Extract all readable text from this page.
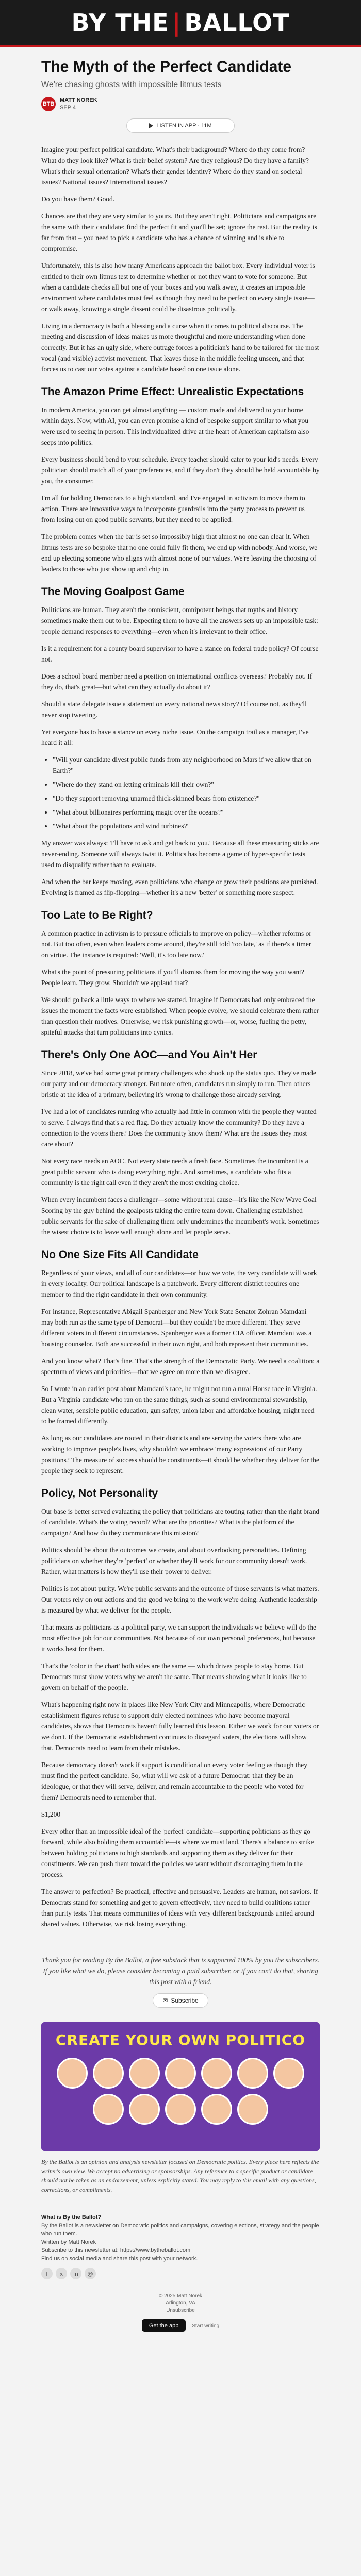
BY THE | BALLOT
The Myth of the Perfect Candidate
We're chasing ghosts with impossible litmus tests
BTB
MATT NOREK
SEP 4
LISTEN IN APP · 11M

Imagine your perfect political candidate. What's their background? Where do they come from? What do they look like? What is their belief system? Are they religious? Do they have a family? What's their sexual orientation? What's their gender identity? Where do they stand on societal issues? National issues? International issues?

Do you have them? Good.

Chances are that they are very similar to yours. But they aren't right. Politicians and campaigns are the same with their candidate: find the perfect fit and you'll be set; ignore the rest. But the reality is far from that – you need to pick a candidate who has a chance of winning and is able to compromise.

Unfortunately, this is also how many Americans approach the ballot box. Every individual voter is entitled to their own litmus test to determine whether or not they want to vote for someone. But when a candidate checks all but one of your boxes and you walk away, it creates an impossible environment where candidates must feel as though they need to be perfect on every single issue—or walk away, knowing a single dissent could be disastrous politically.

Living in a democracy is both a blessing and a curse when it comes to political discourse. The meeting and discussion of ideas makes us more thoughtful and more understanding when done correctly. But it has an ugly side, where outrage forces a politician's hand to be tailored for the most vocal (and visible) activist movement. That leaves those in the middle feeling unseen, and that forces us to cast our votes against a candidate based on one issue alone.

The Amazon Prime Effect: Unrealistic Expectations

In modern America, you can get almost anything — custom made and delivered to your home within days. Now, with AI, you can even promise a kind of bespoke support similar to what you were used to seeing in person. This individualized drive at the heart of American capitalism also seeps into politics.

Every business should bend to your schedule. Every teacher should cater to your kid's needs. Every politician should match all of your preferences, and if they don't they should be held accountable by you, the consumer.

I'm all for holding Democrats to a high standard, and I've engaged in activism to move them to action. There are innovative ways to incorporate guardrails into the party process to prevent us from losing out on good public servants, but they need to be applied.

The problem comes when the bar is set so impossibly high that almost no one can clear it. When litmus tests are so bespoke that no one could fully fit them, we end up with nobody. And worse, we end up electing someone who aligns with almost none of our values. We're leaving the choosing of leaders to those who just show up and chip in.

The Moving Goalpost Game

Politicians are human. They aren't the omniscient, omnipotent beings that myths and history sometimes make them out to be. Expecting them to have all the answers sets up an impossible task: people demand responses to everything—even when it's irrelevant to their office.

Is it a requirement for a county board supervisor to have a stance on federal trade policy? Of course not.

Does a school board member need a position on international conflicts overseas? Probably not. If they do, that's great—but what can they actually do about it?

Should a state delegate issue a statement on every national news story? Of course not, as they'll never stop tweeting.

Yet everyone has to have a stance on every niche issue. On the campaign trail as a manager, I've heard it all:

• "Will your candidate divest public funds from any neighborhood on Mars if we allow that on Earth?"
• "Where do they stand on letting criminals kill their own?"
• "Do they support removing unarmed thick-skinned bears from existence?"
• "What about billionaires performing magic over the oceans?"
• "What about the populations and wind turbines?"

My answer was always: 'I'll have to ask and get back to you.' Because all these measuring sticks are never-ending. Someone will always twist it. Politics has become a game of hyper-specific tests used to disqualify rather than to evaluate.

And when the bar keeps moving, even politicians who change or grow their positions are punished. Evolving is framed as flip-flopping—whether it's a new 'better' or something more suspect.

Too Late to Be Right?

A common practice in activism is to pressure officials to improve on policy—whether reforms or not. But too often, even when leaders come around, they're still told 'too late,' as if there's a timer on virtue. The instance is required: 'Well, it's too late now.'

What's the point of pressuring politicians if you'll dismiss them for moving the way you want? People learn. They grow. Shouldn't we applaud that?

We should go back a little ways to where we started. Imagine if Democrats had only embraced the issues the moment the facts were established. When people evolve, we should celebrate them rather than question their motives. Otherwise, we risk punishing growth—or, worse, fueling the petty, spiteful attacks that turn politicians into cynics.

There's Only One AOC—and You Ain't Her

Since 2018, we've had some great primary challengers who shook up the status quo. They've made our party and our democracy stronger. But more often, candidates run simply to run. Then others bristle at the idea of a primary, believing it's wrong to challenge those already serving.

I've had a lot of candidates running who actually had little in common with the people they wanted to serve. I always find that's a red flag. Do they actually know the community? Do they have a connection to the voters there? Does the community know them? What are the issues they most care about?

Not every race needs an AOC. Not every state needs a fresh face. Sometimes the incumbent is a great public servant who is doing everything right. And sometimes, a candidate who fits a community is the right call even if they aren't the most exciting choice.

When every incumbent faces a challenger—some without real cause—it's like the New Wave Goal Scoring by the guy behind the goalposts taking the entire team down. Challenging established public servants for the sake of challenging them only undermines the incumbent's work. Sometimes the wisest choice is to leave well enough alone and let people serve.

No One Size Fits All Candidate

Regardless of your views, and all of our candidates—or how we vote, the very candidate will work in every locality. Our political landscape is a patchwork. Every different district requires one member to find the right candidate in their own community.

For instance, Representative Abigail Spanberger and New York State Senator Zohran Mamdani may both run as the same type of Democrat—but they couldn't be more different. They serve different voters in different circumstances. Spanberger was a former CIA officer. Mamdani was a housing counselor. Both are successful in their own right, and both represent their communities.

And you know what? That's fine. That's the strength of the Democratic Party. We need a coalition: a spectrum of views and priorities—that we agree on more than we disagree.

So I wrote in an earlier post about Mamdani's race, he might not run a rural House race in Virginia. But a Virginia candidate who ran on the same things, such as sound environmental stewardship, clean water, sensible public education, gun safety, union labor and affordable housing, might need to be framed differently.

As long as our candidates are rooted in their districts and are serving the voters there who are working to improve people's lives, why shouldn't we embrace 'many expressions' of our Party positions? The measure of success should be constituents—it should be whether they deliver for the people they seek to represent.

Policy, Not Personality

Our base is better served evaluating the policy that politicians are touting rather than the right brand of candidate. What's the voting record? What are the priorities? What is the platform of the campaign? And how do they communicate this mission?

Politics should be about the outcomes we create, and about overlooking personalities. Defining politicians on whether they're 'perfect' or whether they'll work for our community doesn't work. Rather, what matters is how they'll use their power to deliver.

Politics is not about purity. We're public servants and the outcome of those servants is what matters. Our voters rely on our actions and the good we bring to the work we're doing. Authentic leadership is measured by what we deliver for the people.

That means as politicians as a political party, we can support the individuals we believe will do the most effective job for our communities. Not because of our own personal preferences, but because it works best for them.

That's the 'color in the chart' both sides are the same — which drives people to stay home. But Democrats must show voters why we aren't the same. That means showing what it looks like to govern on behalf of the people.

What's happening right now in places like New York City and Minneapolis, where Democratic establishment figures refuse to support duly elected nominees who have become mayoral candidates, shows that Democrats haven't fully learned this lesson. Either we work for our voters or we don't. If the Democratic establishment continues to disregard voters, the elections will show that. Democrats need to learn from their mistakes.

Because democracy doesn't work if support is conditional on every voter feeling as though they must find the perfect candidate. So, what will we ask of a future Democrat: that they be an ideologue, or that they will serve, deliver, and remain accountable to the people who voted for them? Democrats need to remember that.

$1,200

Every other than an impossible ideal of the 'perfect' candidate—supporting politicians as they go forward, while also holding them accountable—is where we must land. There's a balance to strike between holding politicians to high standards and supporting them as they deliver for their constituents. We can push them toward the policies we want without discouraging them in the process.

The answer to perfection? Be practical, effective and persuasive. Leaders are human, not saviors. If Democrats stand for something and get to govern effectively, they need to build coalitions rather than purity tests. That means communities of ideas with very different backgrounds united around shared values. Otherwise, we risk losing everything.

Thank you for reading By the Ballot, a free substack that is supported 100% by you the subscribers. If you like what we do, please consider becoming a paid subscriber, or if you can't do that, sharing this post with a friend.

✉ Subscribe
CREATE YOUR OWN POLITICO

By the Ballot is an opinion and analysis newsletter focused on Democratic politics. Every piece here reflects the writer's own view. We accept no advertising or sponsorships. Any reference to a specific product or candidate should not be taken as an endorsement, unless explicitly stated. You may reply to this email with any questions, corrections, or compliments.

What is By the Ballot?
By the Ballot is a newsletter on Democratic politics and campaigns, covering elections, strategy and the people who run them.
Written by Matt Norek
Subscribe to this newsletter at: https://www.bytheballot.com
Find us on social media and share this post with your network.
f	x	in	@
© 2025 Matt Norek
Arlington, VA
Unsubscribe
Get the app	Start writing
